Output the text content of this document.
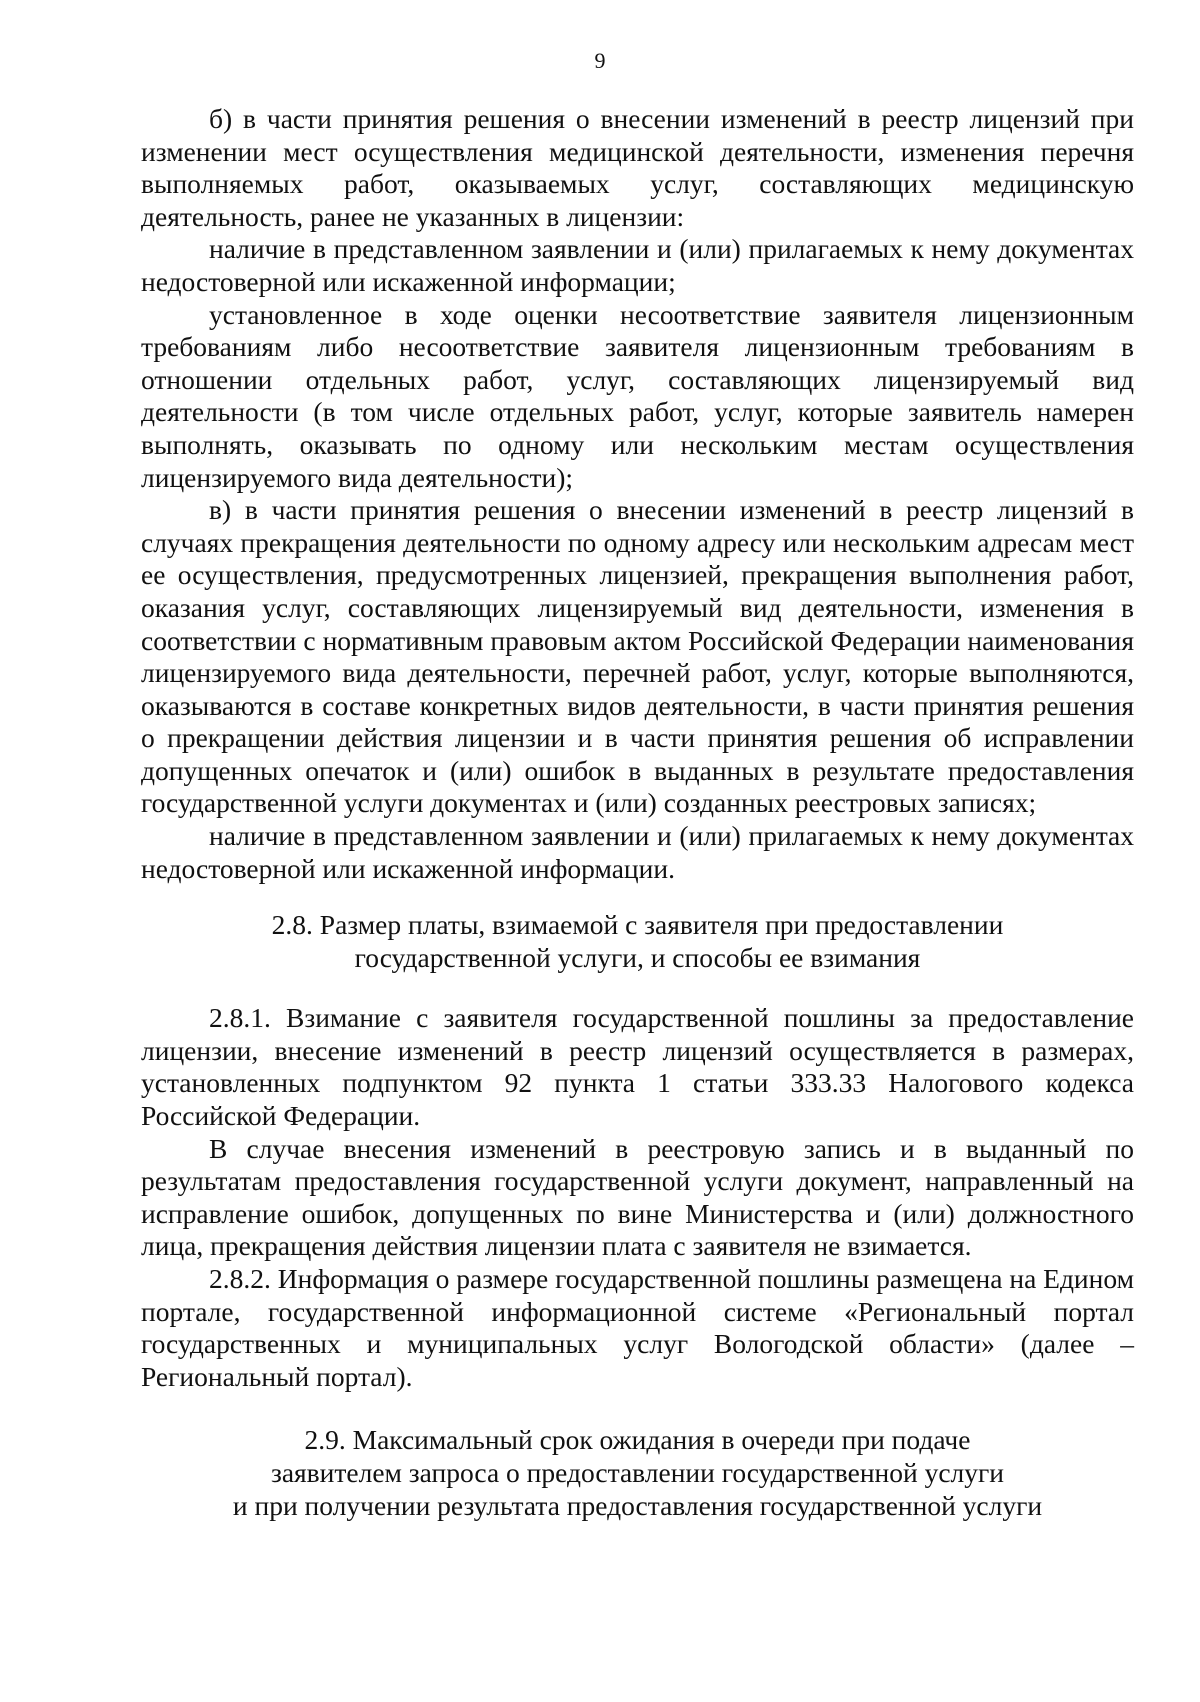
9

б) в части принятия решения о внесении изменений в реестр лицензий при изменении мест осуществления медицинской деятельности, изменения перечня выполняемых работ, оказываемых услуг, составляющих медицинскую деятельность, ранее не указанных в лицензии:

наличие в представленном заявлении и (или) прилагаемых к нему документах недостоверной или искаженной информации;

установленное в ходе оценки несоответствие заявителя лицензионным требованиям либо несоответствие заявителя лицензионным требованиям в отношении отдельных работ, услуг, составляющих лицензируемый вид деятельности (в том числе отдельных работ, услуг, которые заявитель намерен выполнять, оказывать по одному или нескольким местам осуществления лицензируемого вида деятельности);

в) в части принятия решения о внесении изменений в реестр лицензий в случаях прекращения деятельности по одному адресу или нескольким адресам мест ее осуществления, предусмотренных лицензией, прекращения выполнения работ, оказания услуг, составляющих лицензируемый вид деятельности, изменения в соответствии с нормативным правовым актом Российской Федерации наименования лицензируемого вида деятельности, перечней работ, услуг, которые выполняются, оказываются в составе конкретных видов деятельности, в части принятия решения о прекращении действия лицензии и в части принятия решения об исправлении допущенных опечаток и (или) ошибок в выданных в результате предоставления государственной услуги документах и (или) созданных реестровых записях;

наличие в представленном заявлении и (или) прилагаемых к нему документах недостоверной или искаженной информации.

2.8. Размер платы, взимаемой с заявителя при предоставлении
государственной услуги, и способы ее взимания

2.8.1. Взимание с заявителя государственной пошлины за предоставление лицензии, внесение изменений в реестр лицензий осуществляется в размерах, установленных подпунктом 92 пункта 1 статьи 333.33 Налогового кодекса Российской Федерации.

В случае внесения изменений в реестровую запись и в выданный по результатам предоставления государственной услуги документ, направленный на исправление ошибок, допущенных по вине Министерства и (или) должностного лица, прекращения действия лицензии плата с заявителя не взимается.

2.8.2. Информация о размере государственной пошлины размещена на Едином портале, государственной информационной системе «Региональный портал государственных и муниципальных услуг Вологодской области» (далее – Региональный портал).

2.9. Максимальный срок ожидания в очереди при подаче
заявителем запроса о предоставлении государственной услуги
и при получении результата предоставления государственной услуги
